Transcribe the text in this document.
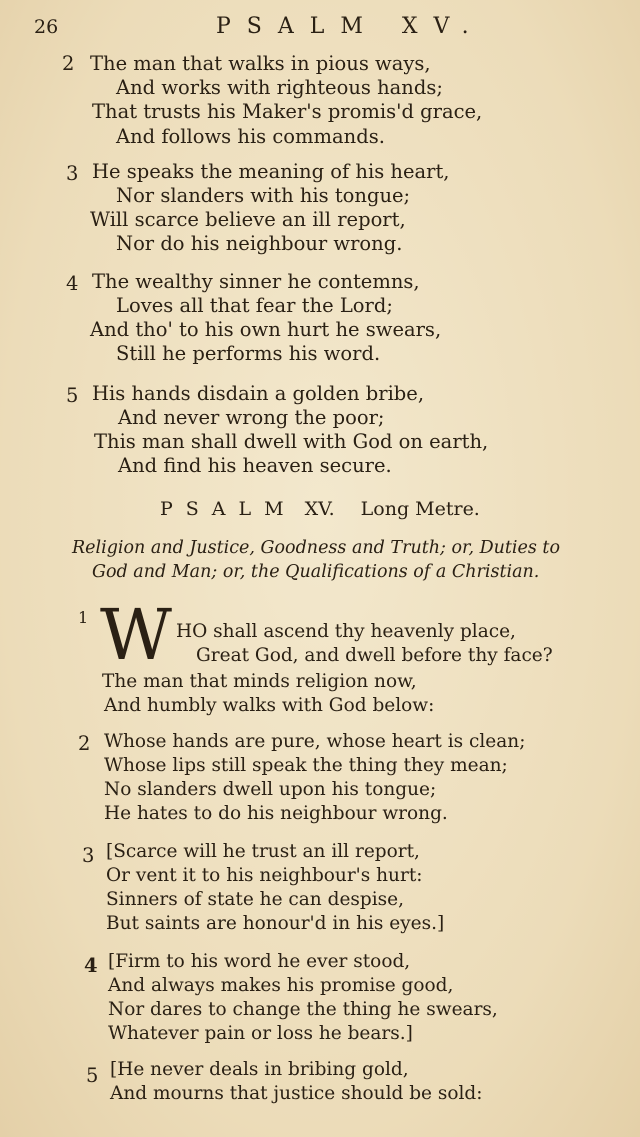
26	PSALM XV.
2 The man that walks in pious ways,
And works with righteous hands;
That trusts his Maker's promis'd grace,
And follows his commands.
3 He speaks the meaning of his heart,
Nor slanders with his tongue;
Will scarce believe an ill report,
Nor do his neighbour wrong.
4 The wealthy sinner he contemns,
Loves all that fear the Lord;
And tho' to his own hurt he swears,
Still he performs his word.
5 His hands disdain a golden bribe,
And never wrong the poor;
This man shall dwell with God on earth,
And find his heaven secure.
PSALM XV. Long Metre.
Religion and Justice, Goodness and Truth; or, Duties to
God and Man; or, the Qualifications of a Christian.
1 W HO shall ascend thy heavenly place,
Great God, and dwell before thy face?
The man that minds religion now,
And humbly walks with God below:
2 Whose hands are pure, whose heart is clean;
Whose lips still speak the thing they mean;
No slanders dwell upon his tongue;
He hates to do his neighbour wrong.
3 [Scarce will he trust an ill report,
Or vent it to his neighbour's hurt:
Sinners of state he can despise,
But saints are honour'd in his eyes.]
4 [Firm to his word he ever stood,
And always makes his promise good,
Nor dares to change the thing he swears,
Whatever pain or loss he bears.]
5 [He never deals in bribing gold,
And mourns that justice should be sold:
